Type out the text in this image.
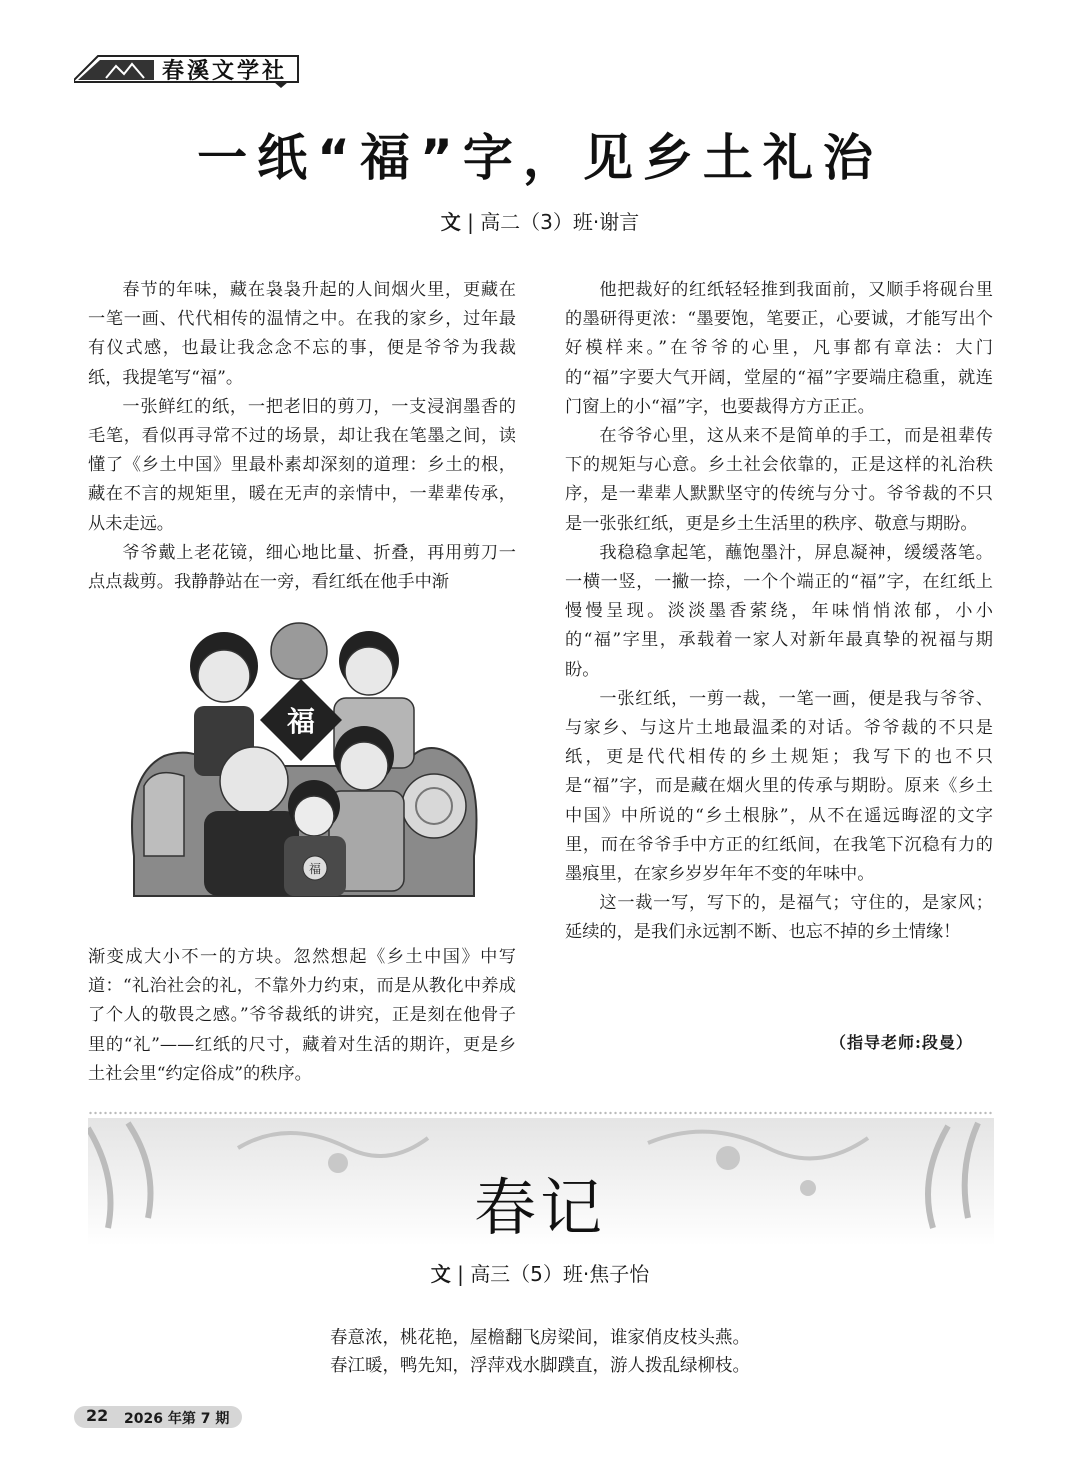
春溪文学社
一纸“福”字，见乡土礼治
文 | 高二（3）班·谢言

春节的年味，藏在袅袅升起的人间烟火里，更藏在一笔一画、代代相传的温情之中。在我的家乡，过年最有仪式感，也最让我念念不忘的事，便是爷爷为我裁纸，我提笔写“福”。

一张鲜红的纸，一把老旧的剪刀，一支浸润墨香的毛笔，看似再寻常不过的场景，却让我在笔墨之间，读懂了《乡土中国》里最朴素却深刻的道理：乡土的根，藏在不言的规矩里，暖在无声的亲情中，一辈辈传承，从未走远。

爷爷戴上老花镜，细心地比量、折叠，再用剪刀一点点裁剪。我静静站在一旁，看红纸在他手中渐

福
福

渐变成大小不一的方块。忽然想起《乡土中国》中写道：“礼治社会的礼，不靠外力约束，而是从教化中养成了个人的敬畏之感。”爷爷裁纸的讲究，正是刻在他骨子里的“礼”——红纸的尺寸，藏着对生活的期许，更是乡土社会里“约定俗成”的秩序。

他把裁好的红纸轻轻推到我面前，又顺手将砚台里的墨研得更浓：“墨要饱，笔要正，心要诚，才能写出个好模样来。”在爷爷的心里，凡事都有章法：大门的“福”字要大气开阔，堂屋的“福”字要端庄稳重，就连门窗上的小“福”字，也要裁得方方正正。

在爷爷心里，这从来不是简单的手工，而是祖辈传下的规矩与心意。乡土社会依靠的，正是这样的礼治秩序，是一辈辈人默默坚守的传统与分寸。爷爷裁的不只是一张张红纸，更是乡土生活里的秩序、敬意与期盼。

我稳稳拿起笔，蘸饱墨汁，屏息凝神，缓缓落笔。一横一竖，一撇一捺，一个个端正的“福”字，在红纸上慢慢呈现。淡淡墨香萦绕，年味悄悄浓郁，小小的“福”字里，承载着一家人对新年最真挚的祝福与期盼。

一张红纸，一剪一裁，一笔一画，便是我与爷爷、与家乡、与这片土地最温柔的对话。爷爷裁的不只是纸，更是代代相传的乡土规矩；我写下的也不只是“福”字，而是藏在烟火里的传承与期盼。原来《乡土中国》中所说的“乡土根脉”，从不在遥远晦涩的文字里，而在爷爷手中方正的红纸间，在我笔下沉稳有力的墨痕里，在家乡岁岁年年不变的年味中。

这一裁一写，写下的，是福气；守住的，是家风；延续的，是我们永远割不断、也忘不掉的乡土情缘！

（指导老师:段曼）
春记
文 | 高三（5）班·焦子怡
春意浓，桃花艳，屋檐翻飞房梁间，谁家俏皮枝头燕。
春江暖，鸭先知，浮萍戏水脚蹼直，游人拨乱绿柳枝。
22 2026 年第 7 期
